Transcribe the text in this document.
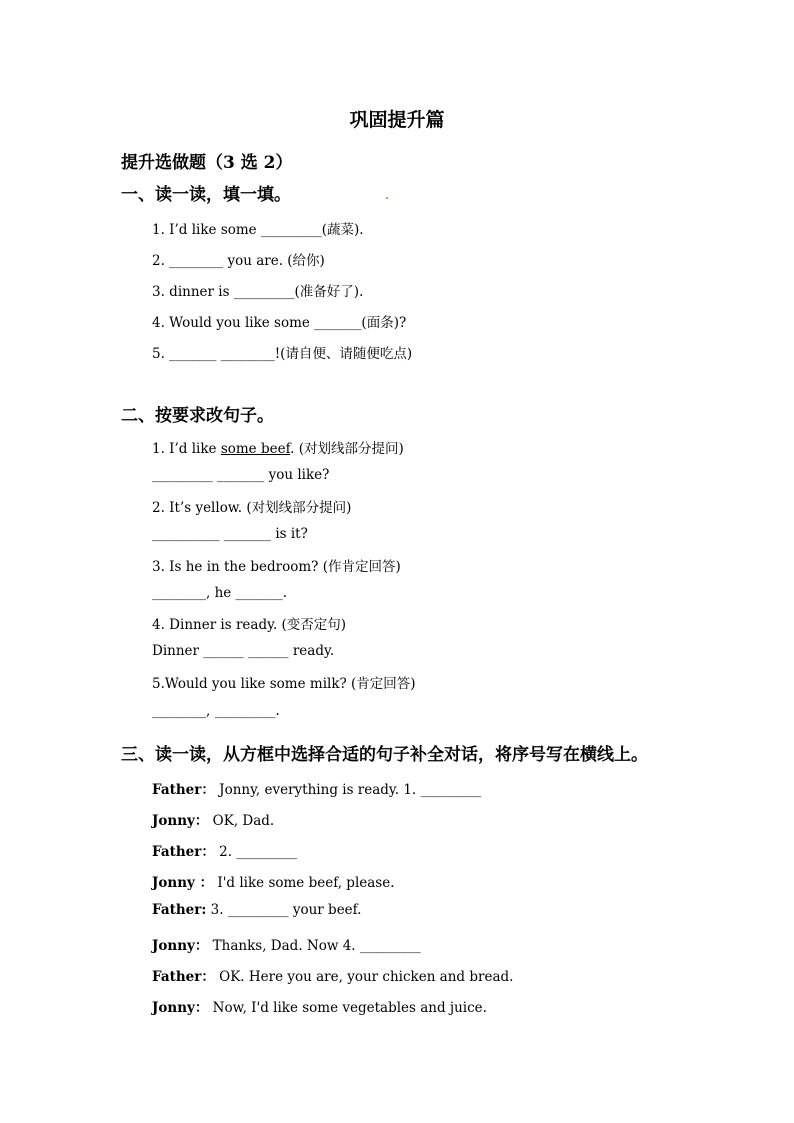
巩固提升篇
提升选做题（3 选 2）
一、读一读，填一填。
1. I’d like some _________(蔬菜).
2. ________ you are. (给你)
3. dinner is _________(准备好了).
4. Would you like some _______(面条)?
5. _______ ________!(请自便、请随便吃点)
二、按要求改句子。
1. I’d like some beef. (对划线部分提问)
_________ _______ you like?
2. It’s yellow. (对划线部分提问)
__________ _______ is it?
3. Is he in the bedroom? (作肯定回答)
________, he _______.
4. Dinner is ready. (变否定句)
Dinner ______ ______ ready.
5.Would you like some milk? (肯定回答)
________, _________.
三、读一读，从方框中选择合适的句子补全对话，将序号写在横线上。
Father： Jonny, everything is ready. 1. _________
Jonny： OK, Dad.
Father： 2. _________
Jonny ： I'd like some beef, please.
Father: 3. _________ your beef.
Jonny： Thanks, Dad. Now 4. _________
Father： OK. Here you are, your chicken and bread.
Jonny： Now, I'd like some vegetables and juice.
